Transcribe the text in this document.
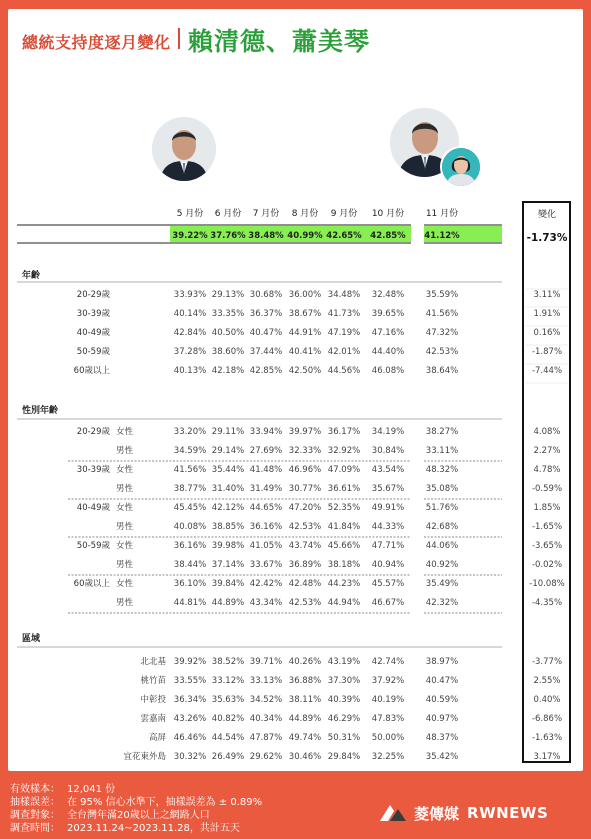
總統支持度逐月變化 賴清德、蕭美琴
5 月份 6 月份 7 月份 8 月份 9 月份 10 月份 11 月份	變化
39.22% 37.76% 38.48% 40.99% 42.65% 42.85% 41.12%	-1.73%
年齡
20-29歲	33.93% 29.13% 30.68% 36.00% 34.48% 32.48%	35.59%	3.11%
30-39歲	40.14% 33.35% 36.37% 38.67% 41.73% 39.65%	41.56%	1.91%
40-49歲	42.84% 40.50% 40.47% 44.91% 47.19% 47.16%	47.32%	0.16%
50-59歲	37.28% 38.60% 37.44% 40.41% 42.01% 44.40%	42.53%	-1.87%
60歲以上	40.13% 42.18% 42.85% 42.50% 44.56% 46.08%	38.64%	-7.44%
性別年齡
20-29歲 女性	33.20% 29.11% 33.94% 39.97% 36.17% 34.19%	38.27%	4.08%
男性	34.59% 29.14% 27.69% 32.33% 32.92% 30.84%	33.11%	2.27%
30-39歲 女性	41.56% 35.44% 41.48% 46.96% 47.09% 43.54%	48.32%	4.78%
男性	38.77% 31.40% 31.49% 30.77% 36.61% 35.67%	35.08%	-0.59%
40-49歲 女性	45.45% 42.12% 44.65% 47.20% 52.35% 49.91%	51.76%	1.85%
男性	40.08% 38.85% 36.16% 42.53% 41.84% 44.33%	42.68%	-1.65%
50-59歲 女性	36.16% 39.98% 41.05% 43.74% 45.66% 47.71%	44.06%	-3.65%
男性	38.44% 37.14% 33.67% 36.89% 38.18% 40.94%	40.92%	-0.02%
60歲以上 女性	36.10% 39.84% 42.42% 42.48% 44.23% 45.57%	35.49%	-10.08%
男性	44.81% 44.89% 43.34% 42.53% 44.94% 46.67%	42.32%	-4.35%
區域
北北基 39.92% 38.52% 39.71% 40.26% 43.19% 42.74%	38.97%	-3.77%
桃竹苗 33.55% 33.12% 33.13% 36.88% 37.30% 37.92%	40.47%	2.55%
中彰投 36.34% 35.63% 34.52% 38.11% 40.39% 40.19%	40.59%	0.40%
雲嘉南 43.26% 40.82% 40.34% 44.89% 46.29% 47.83%	40.97%	-6.86%
高屏 46.46% 44.54% 47.87% 49.74% 50.31% 50.00%	48.37%	-1.63%
宜花東外島 30.32% 26.49% 29.62% 30.46% 29.84% 32.25%	35.42%	3.17%
有效樣本： 12,041 份
抽樣誤差： 在 95% 信心水準下，抽樣誤差為 ± 0.89%
調查對象： 全台灣年滿20歲以上之網路人口
調查時間： 2023.11.24~2023.11.28，共計五天
菱傳媒 RWNEWS
